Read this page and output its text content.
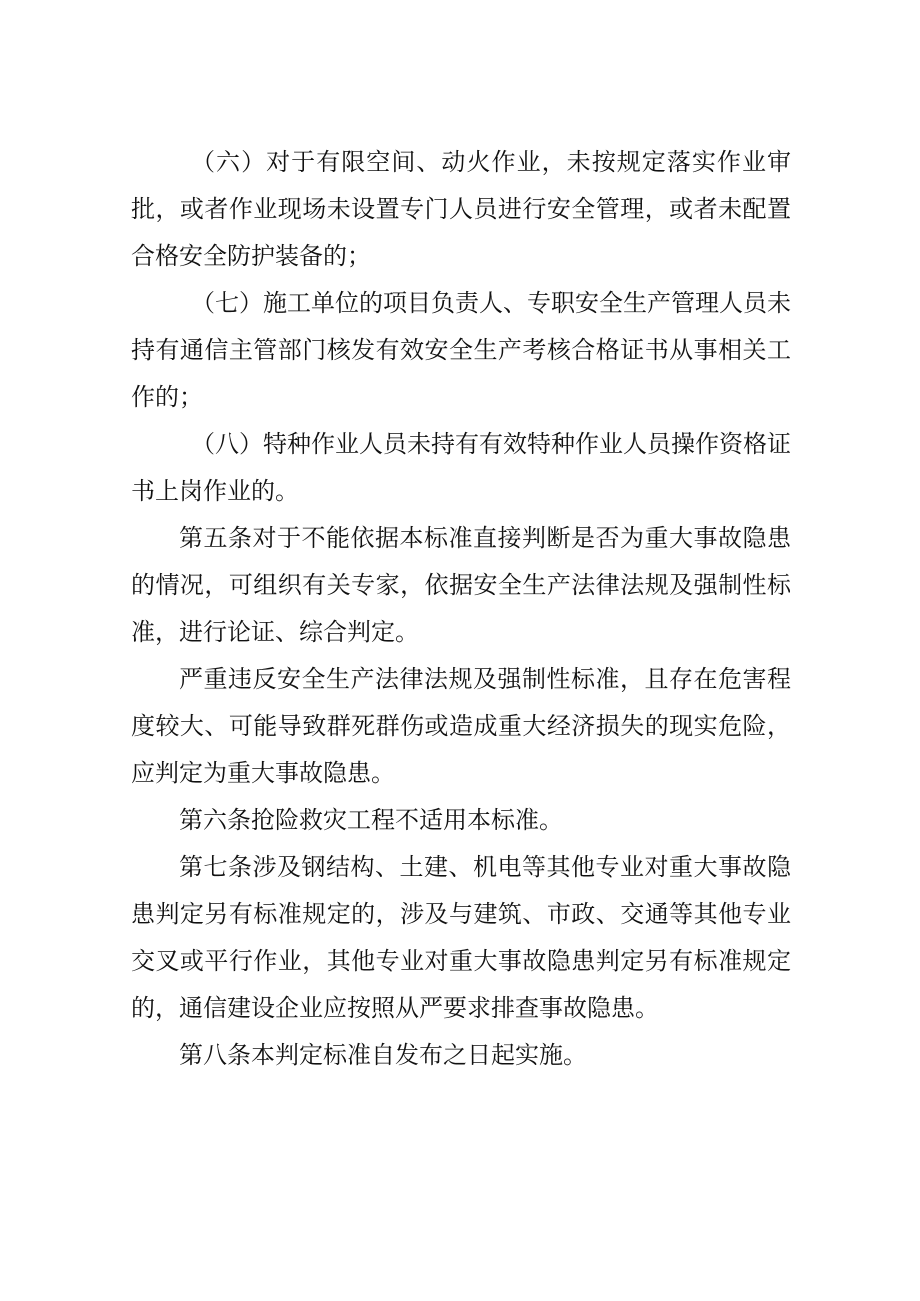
（六）对于有限空间、动火作业，未按规定落实作业审批，或者作业现场未设置专门人员进行安全管理，或者未配置合格安全防护装备的；

（七）施工单位的项目负责人、专职安全生产管理人员未持有通信主管部门核发有效安全生产考核合格证书从事相关工作的；

（八）特种作业人员未持有有效特种作业人员操作资格证书上岗作业的。

第五条对于不能依据本标准直接判断是否为重大事故隐患的情况，可组织有关专家，依据安全生产法律法规及强制性标准，进行论证、综合判定。

严重违反安全生产法律法规及强制性标准，且存在危害程度较大、可能导致群死群伤或造成重大经济损失的现实危险，应判定为重大事故隐患。

第六条抢险救灾工程不适用本标准。

第七条涉及钢结构、土建、机电等其他专业对重大事故隐患判定另有标准规定的，涉及与建筑、市政、交通等其他专业交叉或平行作业，其他专业对重大事故隐患判定另有标准规定的，通信建设企业应按照从严要求排查事故隐患。

第八条本判定标准自发布之日起实施。
